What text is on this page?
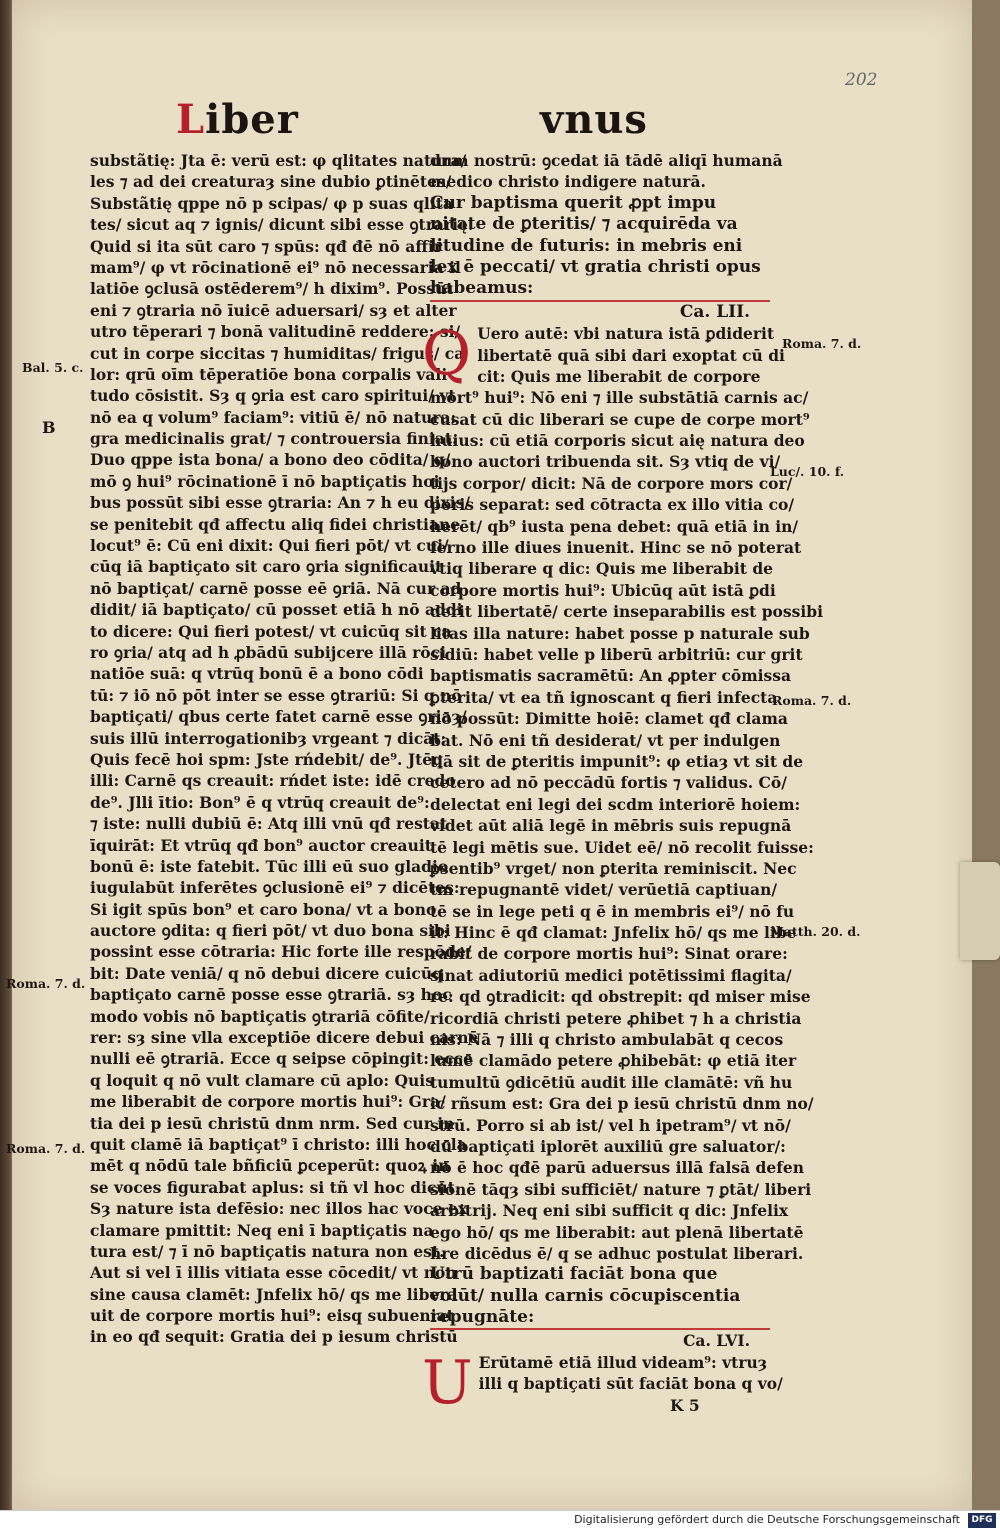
202
Liber	vnus
substãtię: Jta ē: verū est: φ qlitates natura/
les ⁊ ad dei creaturaȝ sine dubio ꝑtinētes/
Substãtię qppe nō p scipas/ φ p suas qlita
tes/ sicut aq ⁊ ignis/ dicunt sibi esse ꝯtrarię.
Quid si ita sūt caro ⁊ spūs: qđ đē nō affir
mam⁹/ φ vt rōcinationē ei⁹ nō necessaria il
latiōe ꝯclusā ostēderem⁹/ h dixim⁹. Possūt
eni ⁊ ꝯtraria nō īuicē aduersari/ sȝ et alter
utro tēperari ⁊ bonā valitudinē reddere: si/
cut in corpe siccitas ⁊ humiditas/ frigus/ ca
lor: qrū oīm tēperatiōe bona corpalis vali
tudo cōsistit. Sȝ q ꝯria est caro spiritui/ vt
nō ea q volum⁹ faciam⁹: vitiū ē/ nō natura:
gra medicinalis grat/ ⁊ controuersia finiat.
Duo qppe ista bona/ a bono deo cōdita/ q/
mō ꝯ hui⁹ rōcinationē ī nō baptiçatis hoi
bus possūt sibi esse ꝯtraria: An ⁊ h eu dixis/
se penitebit qđ affectu aliq fidei christiane
locut⁹ ē: Cū eni dixit: Qui fieri pōt/ vt cui/
cūq iā baptiçato sit caro ꝯria significauit
nō baptiçat/ carnē posse eē ꝯriā. Nā cur ad
didit/ iā baptiçato/ cū posset etiā h nō addi
to dicere: Qui fieri potest/ vt cuicūq sit ca
ro ꝯria/ atq ad h ꝓbādū subijcere illā rōci
natiōe suā: q vtrūq bonū ē a bono cōdi
tū: ⁊ iō nō pōt inter se esse ꝯtrariū: Si q nō
baptiçati/ qbus certe fatet carnē esse ꝯriaȝ/
suis illū interrogationibȝ vrgeant ⁊ dicāt:
Quis fecē hoi spm: Jste rńdebit/ de⁹. Jtēq
illi: Carnē qs creauit: rńdet iste: idē credo
de⁹. Jlli ītio: Bon⁹ ē q vtrūq creauit de⁹:
⁊ iste: nulli dubiū ē: Atq illi vnū qđ restat
īquirāt: Et vtrūq qđ bon⁹ auctor creauit
bonū ē: iste fatebit. Tūc illi eū suo gladio
iugulabūt inferētes ꝯclusionē ei⁹ ⁊ dicētes:
Si igit spūs bon⁹ et caro bona/ vt a bono
auctore ꝯdita: q fieri pōt/ vt duo bona sibi
possint esse cōtraria: Hic forte ille respōde/
bit: Date veniā/ q nō debui dicere cuicūq
baptiçato carnē posse esse ꝯtrariā. sȝ hoc
modo vobis nō baptiçatis ꝯtrariā cōfite/
rer: sȝ sine vlla exceptiōe dicere debui carnē
nulli eē ꝯtrariā. Ecce q seipse cōpingit: ecce
q loquit q nō vult clamare cū aplo: Quis
me liberabit de corpore mortis hui⁹: Gra/
tia dei p iesū christū dnm nrm. Sed cur in
quit clamē iā baptiçat⁹ ī christo: illi hoc cla
mēt q nōdū tale bñficiū ꝑceperūt: quoꝝ in
se voces figurabat aplus: si tñ vl hoc dicūt.
Sȝ nature ista defēsio: nec illos hac voce ex
clamare pmittit: Neq eni ī baptiçatis na
tura est/ ⁊ ī nō baptiçatis natura non est.
Aut si vel ī illis vitiata esse cōcedit/ vt non
sine causa clamēt: Jnfelix hō/ qs me libera
uit de corpore mortis hui⁹: eisq subueniat
in eo qđ sequit: Gratia dei p iesum christū
dnm nostrū: ꝯcedat iā tādē aliqī humanā
medico christo indigere naturā.
Cur baptisma querit ꝓpt impu
nitate de ꝑteritis/ ⁊ acquirēda va
litudine de futuris: in mebris eni
lex ē peccati/ vt gratia christi opus
habeamus:
Ca. LII.
Q Uero autē: vbi natura istā ꝑdiderit
libertatē quā sibi dari exoptat cū di
cit: Quis me liberabit de corpore
mort⁹ hui⁹: Nō eni ⁊ ille substātiā carnis ac/
cusat cū dic liberari se cupe de corpe mort⁹
huius: cū etiā corporis sicut aię natura deo
bono auctori tribuenda sit. Sȝ vtiq de vi/
tijs corpor/ dicit: Nā de corpore mors cor/
poris separat: sed cōtracta ex illo vitia co/
herēt/ qb⁹ iusta pena debet: quā etiā in in/
ferno ille diues inuenit. Hinc se nō poterat
vtiq liberare q dic: Quis me liberabit de
corpore mortis hui⁹: Ubicūq aūt istā ꝑdi
derit libertatē/ certe inseparabilis est possibi
litas illa nature: habet posse p naturale sub
sidiū: habet velle p liberū arbitriū: cur grit
baptismatis sacramētū: An ꝓpter cōmissa
ꝑterita/ vt ea tñ ignoscant q fieri infecta
nō possūt: Dimitte hoiē: clamet qđ clama
bat. Nō eni tñ desiderat/ vt per indulgen
tiā sit de ꝑteritis impunit⁹: φ etiaȝ vt sit de
cetero ad nō peccādū fortis ⁊ validus. Cō/
delectat eni legi dei scdm interiorē hoiem:
videt aūt aliā legē in mēbris suis repugnā
tē legi mētis sue. Uidet eē/ nō recolit fuisse:
ꝑsentib⁹ vrget/ non ꝑterita reminiscit. Nec
tm repugnantē videt/ verūetiā captiuan/
tē se in lege peti q ē in membris ei⁹/ nō fu
it: Hinc ē qđ clamat: Jnfelix hō/ qs me libe
rabit de corpore mortis hui⁹: Sinat orare:
sinat adiutoriū medici potētissimi flagita/
re: qd ꝯtradicit: qd obstrepit: qd miser mise
ricordiā christi petere ꝓhibet ⁊ h a christia
nis: Nā ⁊ illi q christo ambulabāt q cecos
lumē clamādo petere ꝓhibebāt: φ etiā iter
tumultū ꝯdicētiū audit ille clamātē: vñ hu
ic rñsum est: Gra dei p iesū christū dnm no/
strū. Porro si ab ist/ vel h ipetram⁹/ vt nō/
dū baptiçati iplorēt auxiliū gre saluator/:
nō ē hoc qđē parū aduersus illā falsā defen
sionē tāqȝ sibi sufficiēt/ nature ⁊ ꝑtāt/ liberi
arbitrij. Neq eni sibi sufficit q dic: Jnfelix
ego hō/ qs me liberabit: aut plenā libertatē
hre dicēdus ē/ q se adhuc postulat liberari.
Utrū baptizati faciāt bona que
volūt/ nulla carnis cōcupiscentia
repugnāte:
Ca. LVI.
U Erūtamē etiā illud videam⁹: vtruȝ
illi q baptiçati sūt faciāt bona q vo/
K 5
Bal. 5. c.
B
Roma. 7. d.
Roma. 7. d.
Roma. 7. d.
Luc/. 10. f.
Roma. 7. d.
Matth. 20. d.
Digitalisierung gefördert durch die Deutsche Forschungsgemeinschaft	DFG
